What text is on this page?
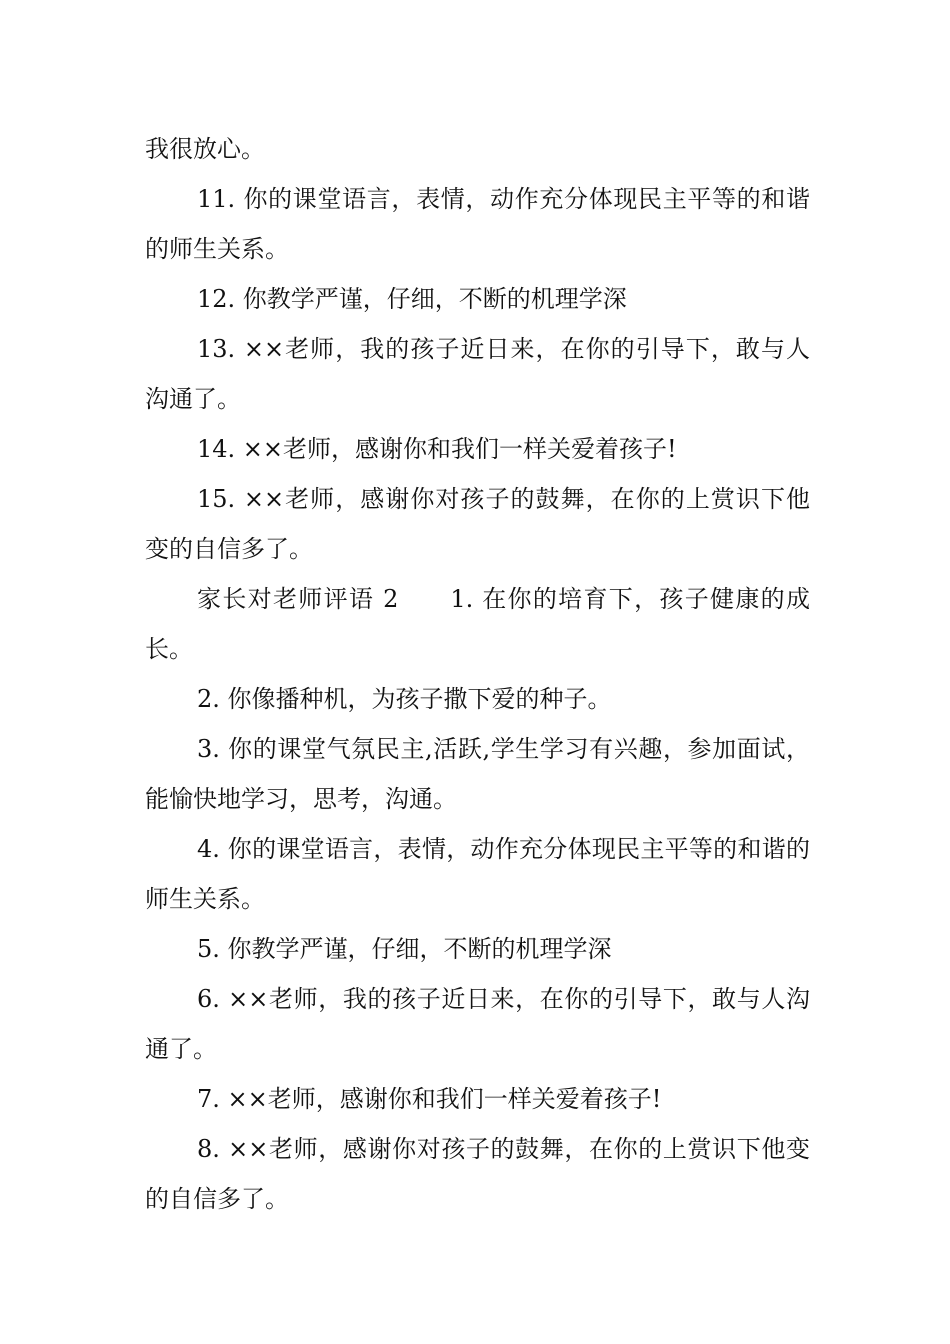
我很放心。

11. 你的课堂语言，表情，动作充分体现民主平等的和谐的师生关系。

12. 你教学严谨，仔细，不断的机理学深

13. ××老师，我的孩子近日来，在你的引导下，敢与人沟通了。

14. ××老师，感谢你和我们一样关爱着孩子!

15. ××老师，感谢你对孩子的鼓舞，在你的上赏识下他变的自信多了。

家长对老师评语 2　　1. 在你的培育下，孩子健康的成长。

2. 你像播种机，为孩子撒下爱的种子。

3. 你的课堂气氛民主,活跃,学生学习有兴趣，参加面试，能愉快地学习，思考，沟通。

4. 你的课堂语言，表情，动作充分体现民主平等的和谐的师生关系。

5. 你教学严谨，仔细，不断的机理学深

6. ××老师，我的孩子近日来，在你的引导下，敢与人沟通了。

7. ××老师，感谢你和我们一样关爱着孩子!

8. ××老师，感谢你对孩子的鼓舞，在你的上赏识下他变的自信多了。
